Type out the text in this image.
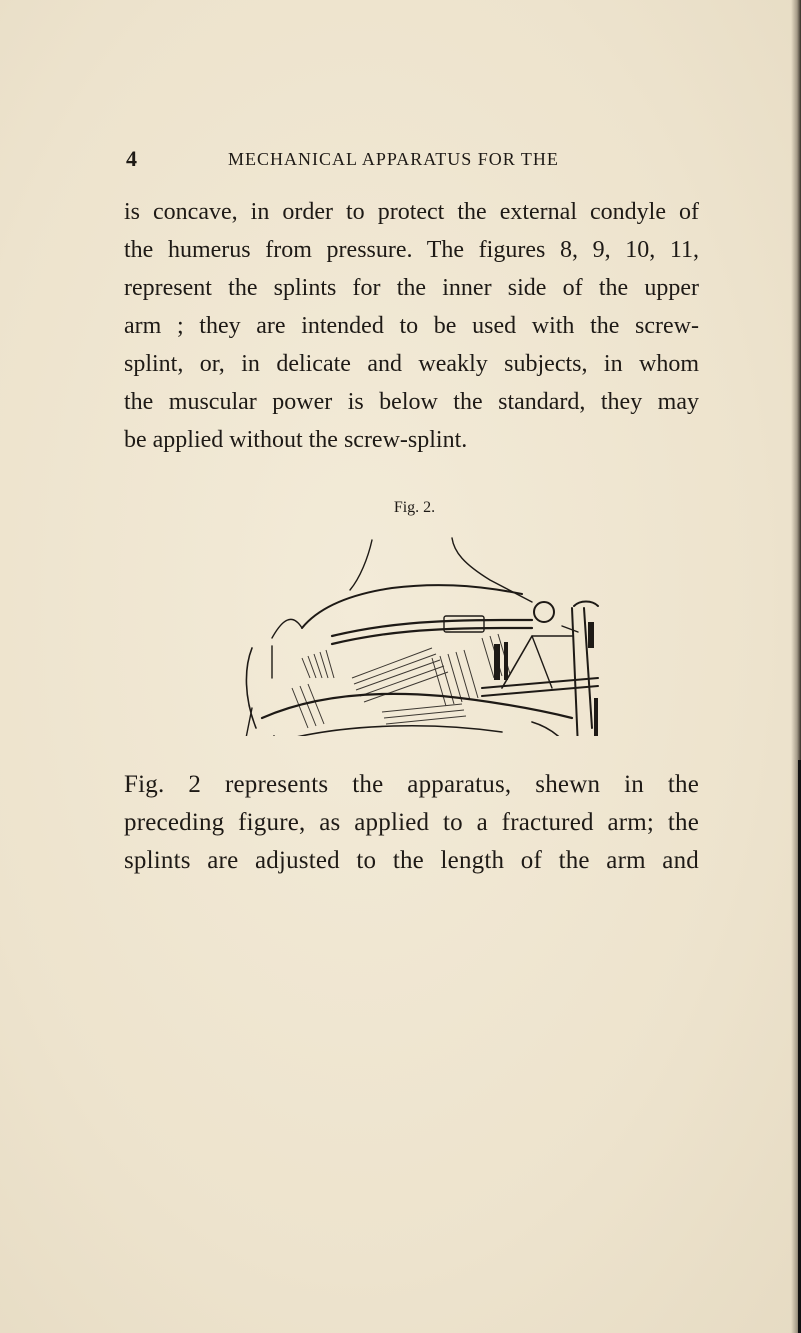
4	MECHANICAL APPARATUS FOR THE

is concave, in order to protect the external condyle of
the humerus from pressure. The figures 8, 9, 10, 11,
represent the splints for the inner side of the upper
arm ; they are intended to be used with the screw-
splint, or, in delicate and weakly subjects, in whom
the muscular power is below the standard, they may
be applied without the screw-splint.

Fig. 2.

Fig. 2 represents the apparatus, shewn in the
preceding figure, as applied to a fractured arm; the
splints are adjusted to the length of the arm and
